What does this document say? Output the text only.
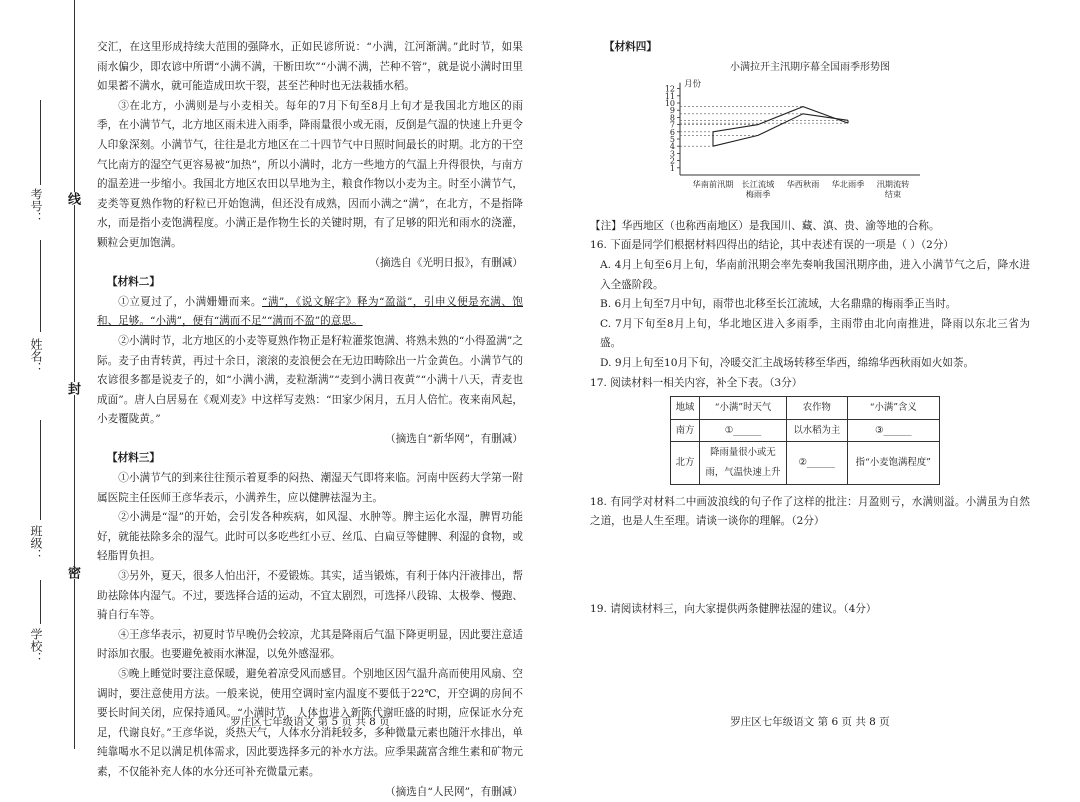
线
封
密
考号：
姓名：
班级：
学校：

交汇，在这里形成持续大范围的强降水，正如民谚所说：“小满，江河渐满。”此时节，如果雨水偏少，即农谚中所谓“小满不满，干断田坎”“小满不满，芒种不管”，就是说小满时田里如果蓄不满水，就可能造成田坎干裂，甚至芒种时也无法栽插水稻。

③在北方，小满则是与小麦相关。每年的7月下旬至8月上旬才是我国北方地区的雨季，在小满节气，北方地区雨未进入雨季，降雨量很小或无雨，反倒是气温的快速上升更令人印象深刻。小满节气，往往是北方地区在二十四节气中日照时间最长的时期。北方的干空气比南方的湿空气更容易被“加热”，所以小满时，北方一些地方的气温上升得很快，与南方的温差进一步缩小。我国北方地区农田以旱地为主，粮食作物以小麦为主。时至小满节气，麦类等夏熟作物的籽粒已开始饱满，但还没有成熟，因而小满之“满”，在北方，不是指降水，而是指小麦饱满程度。小满正是作物生长的关键时期，有了足够的阳光和雨水的浇灌，颗粒会更加饱满。

（摘选自《光明日报》，有删减）

【材料二】

①立夏过了，小满姗姗而来。“满”，《说文解字》释为“盈溢”，引申义便是充满、饱和、足够。“小满”，便有“满而不足”“满而不盈”的意思。

②小满时节，北方地区的小麦等夏熟作物正是籽粒灌浆饱满、将熟未熟的“小得盈满”之际。麦子由青转黄，再过十余日，滚滚的麦浪便会在无边田畴除出一片金黄色。小满节气的农谚很多都是说麦子的，如“小满小满，麦粒渐满”“麦到小满日夜黄”“小满十八天，青麦也成面”。唐人白居易在《观刈麦》中这样写麦熟：“田家少闲月，五月人倍忙。夜来南风起，小麦覆陇黄。”

（摘选自“新华网”，有删减）

【材料三】

①小满节气的到来往往预示着夏季的闷热、潮湿天气即将来临。河南中医药大学第一附属医院主任医师王彦华表示，小满养生，应以健脾祛湿为主。

②小满是“湿”的开始，会引发各种疾病，如风湿、水肿等。脾主运化水湿，脾胃功能好，就能祛除多余的湿气。此时可以多吃些红小豆、丝瓜、白扁豆等健脾、利湿的食物，或轻脂胃负担。

③另外，夏天，很多人怕出汗，不爱锻炼。其实，适当锻炼，有利于体内汗液排出，帮助祛除体内湿气。不过，要选择合适的运动，不宜太剧烈，可选择八段锦、太极拳、慢跑、骑自行车等。

④王彦华表示，初夏时节早晚仍会较凉，尤其是降雨后气温下降更明显，因此要注意适时添加衣服。也要避免被雨水淋湿，以免外感湿邪。

⑤晚上睡觉时要注意保暖，避免着凉受风而感冒。个别地区因气温升高而使用风扇、空调时，要注意使用方法。一般来说，使用空调时室内温度不要低于22℃，开空调的房间不要长时间关闭，应保持通风。“小满时节，人体也进入新陈代谢旺盛的时期，应保证水分充足，代谢良好。”王彦华说，炎热天气，人体水分消耗较多，多种微量元素也随汗水排出，单纯靠喝水不足以满足机体需求，因此要选择多元的补水方法。应季果蔬富含维生素和矿物元素，不仅能补充人体的水分还可补充微量元素。

（摘选自“人民网”，有删减）

罗庄区七年级语文 第 5 页 共 8 页

【材料四】

小满拉开主汛期序幕全国雨季形势图
月份
1
2
3
4
5
6
7
8
9
10
11
12
华南前汛期 长江流域
梅雨季
华西秋雨 华北雨季 汛期流转
结束

【注】华西地区（也称西南地区）是我国川、藏、滇、贵、渝等地的合称。

16. 下面是同学们根据材料四得出的结论，其中表述有误的一项是（ ）（2分）

A. 4月上旬至6月上旬，华南前汛期会率先奏响我国汛期序曲，进入小满节气之后，降水进入全盛阶段。

B. 6月上旬至7月中旬，雨带也北移至长江流域，大名鼎鼎的梅雨季正当时。

C. 7月下旬至8月上旬，华北地区进入多雨季，主雨带由北向南推进，降雨以东北三省为盛。

D. 9月上旬至10月下旬，冷暖交汇主战场转移至华西，绵绵华西秋雨如火如荼。

17. 阅读材料一相关内容，补全下表。（3分）

地域	“小满”时天气	农作物	“小满”含义
南方	①______	以水稻为主	③______
北方	降雨量很小或无雨，气温快速上升	②______	指“小麦饱满程度”

18. 有同学对材料二中画波浪线的句子作了这样的批注：月盈则亏，水满则溢。小满虽为自然之道，也是人生至理。请谈一谈你的理解。（2分）

19. 请阅读材料三，向大家提供两条健脾祛湿的建议。（4分）

罗庄区七年级语文 第 6 页 共 8 页
